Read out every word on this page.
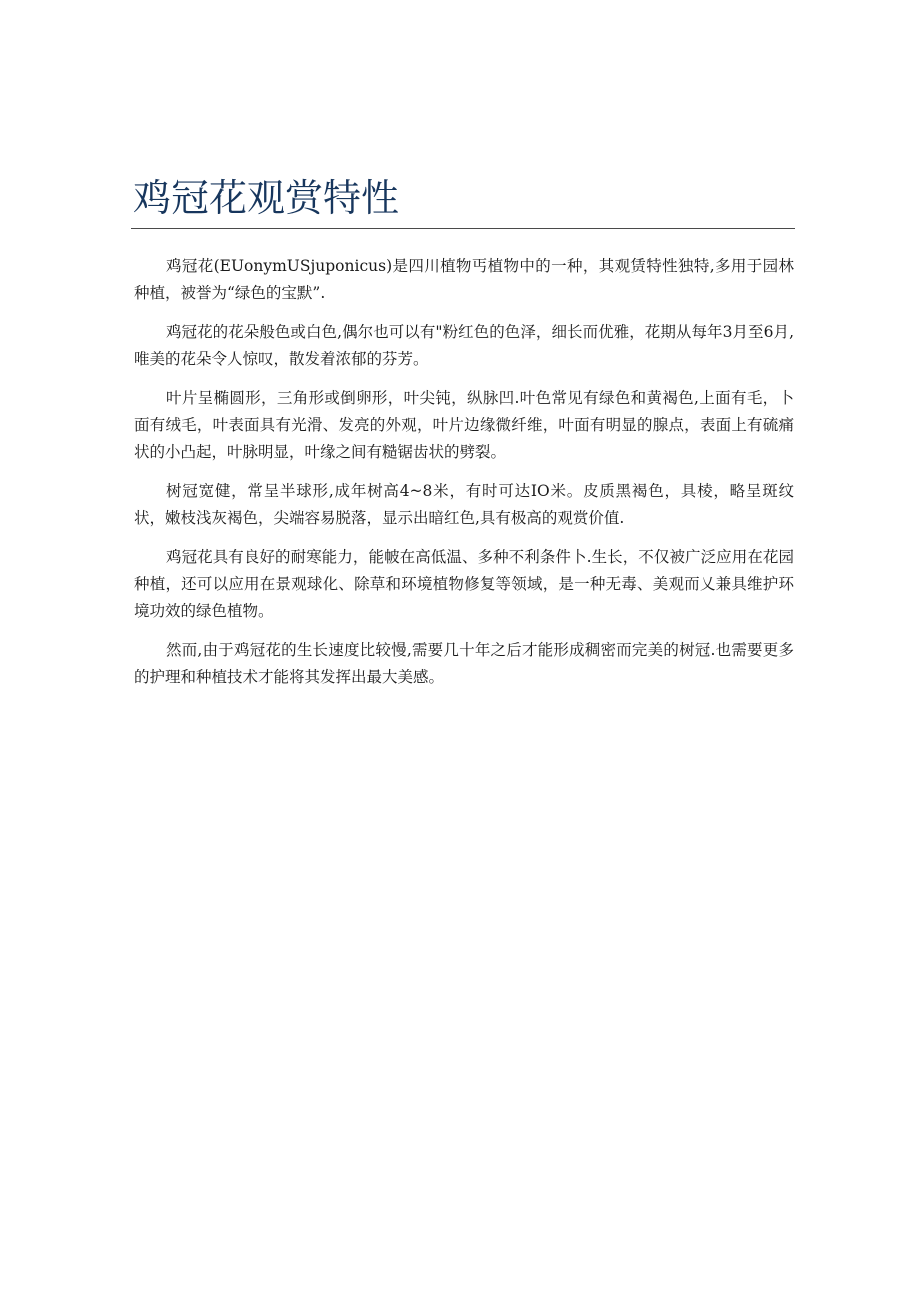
鸡冠花观赏特性

鸡冠花(EUonymUSjuponicus)是四川植物丐植物中的一种，其观赁特性独特,多用于园林种植，被誉为“绿色的宝默”.

鸡冠花的花朵般色或白色,偶尔也可以有"粉红色的色泽，细长而优雅，花期从每年3月至6月,唯美的花朵令人惊叹，散发着浓郁的芬芳。

叶片呈椭圆形，三角形或倒卵形，叶尖钝，纵脉凹.叶色常见有绿色和黄褐色,上面有毛，卜面有绒毛，叶表面具有光滑、发亮的外观，叶片边缘微纤维，叶面有明显的腺点，表面上有硫痛状的小凸起，叶脉明显，叶缘之间有糙锯齿状的劈裂。

树冠宽健，常呈半球形,成年树高4~8米，有时可达IO米。皮质黑褐色，具棱，略呈斑纹状，嫩枝浅灰褐色，尖端容易脱落，显示出暗红色,具有极高的观赏价值.

鸡冠花具有良好的耐寒能力，能帔在高低温、多种不利条件卜.生长，不仅被广泛应用在花园种植，还可以应用在景观球化、除草和环境植物修复等领域，是一种无毒、美观而乂兼具维护环境功效的绿色植物。

然而,由于鸡冠花的生长速度比较慢,需要几十年之后才能形成稠密而完美的树冠.也需要更多的护理和种植技术才能将其发挥出最大美感。
